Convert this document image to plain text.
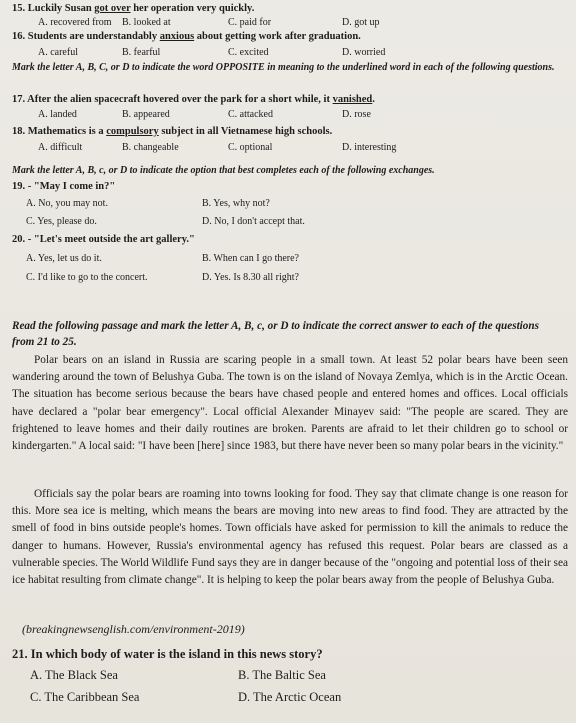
15. Luckily Susan got over her operation very quickly.
A. recovered from B. looked at	C. paid for	D. got up
16. Students are understandably anxious about getting work after graduation.
A. careful	B. fearful	C. excited	D. worried
Mark the letter A, B, C, or D to indicate the word OPPOSITE in meaning to the underlined word in each of the following questions.
17. After the alien spacecraft hovered over the park for a short while, it vanished.
A. landed	B. appeared	C. attacked	D. rose
18. Mathematics is a compulsory subject in all Vietnamese high schools.
A. difficult	B. changeable	C. optional	D. interesting
Mark the letter A, B, c, or D to indicate the option that best completes each of the following exchanges.
19. - "May I come in?"
A. No, you may not.	B. Yes, why not?
C. Yes, please do.	D. No, I don't accept that.
20. - "Let's meet outside the art gallery."
A. Yes, let us do it.	B. When can I go there?
C. I'd like to go to the concert.	D. Yes. Is 8.30 all right?
Read the following passage and mark the letter A, B, c, or D to indicate the correct answer to each of the questions from 21 to 25.
Polar bears on an island in Russia are scaring people in a small town. At least 52 polar bears have been seen wandering around the town of Belushya Guba. The town is on the island of Novaya Zemlya, which is in the Arctic Ocean. The situation has become serious because the bears have chased people and entered homes and offices. Local officials have declared a "polar bear emergency". Local official Alexander Minayev said: "The people are scared. They are frightened to leave homes and their daily routines are broken. Parents are afraid to let their children go to school or kindergarten." A local said: "I have been [here] since 1983, but there have never been so many polar bears in the vicinity."
Officials say the polar bears are roaming into towns looking for food. They say that climate change is one reason for this. More sea ice is melting, which means the bears are moving into new areas to find food. They are attracted by the smell of food in bins outside people's homes. Town officials have asked for permission to kill the animals to reduce the danger to humans. However, Russia's environmental agency has refused this request. Polar bears are classed as a vulnerable species. The World Wildlife Fund says they are in danger because of the "ongoing and potential loss of their sea ice habitat resulting from climate change". It is helping to keep the polar bears away from the people of Belushya Guba.
(breakingnewsenglish.com/environment-2019)
21. In which body of water is the island in this news story?
A. The Black Sea	B. The Baltic Sea
C. The Caribbean Sea	D. The Arctic Ocean
